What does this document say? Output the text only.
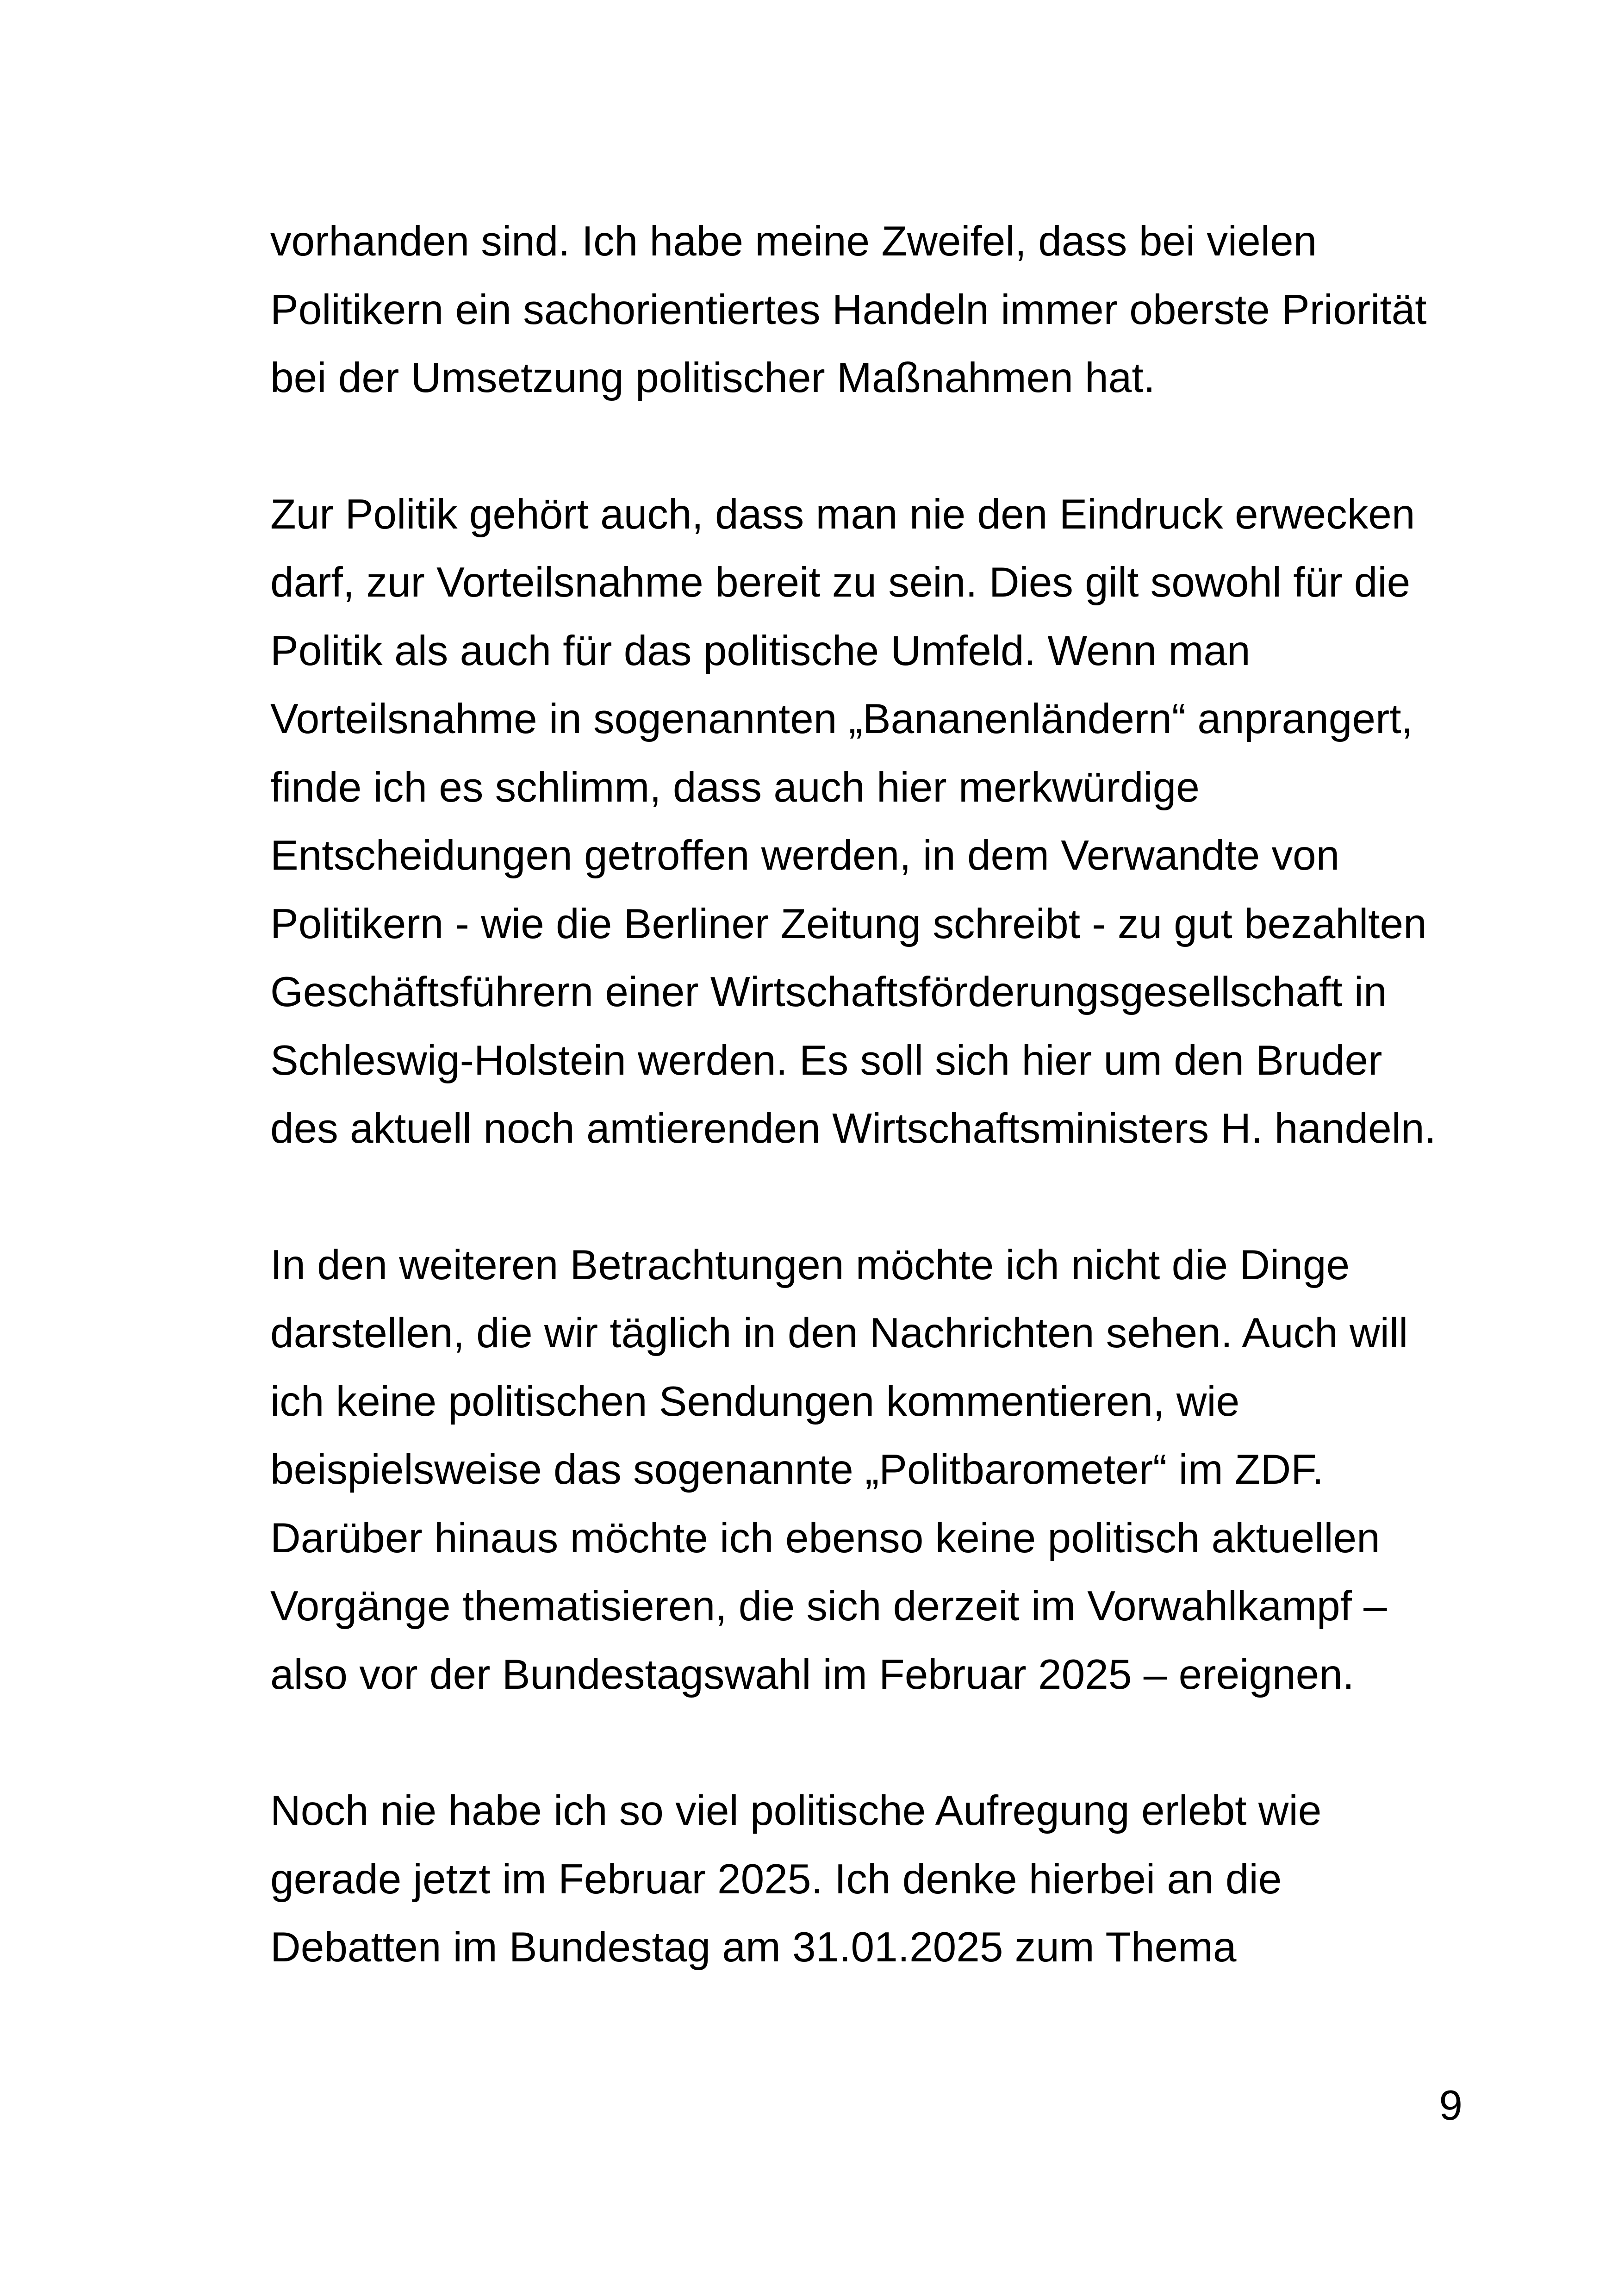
vorhanden sind. Ich habe meine Zweifel, dass bei vielen
Politikern ein sachorientiertes Handeln immer oberste Priorität
bei der Umsetzung politischer Maßnahmen hat.

Zur Politik gehört auch, dass man nie den Eindruck erwecken
darf, zur Vorteilsnahme bereit zu sein. Dies gilt sowohl für die
Politik als auch für das politische Umfeld. Wenn man
Vorteilsnahme in sogenannten „Bananenländern“ anprangert,
finde ich es schlimm, dass auch hier merkwürdige
Entscheidungen getroffen werden, in dem Verwandte von
Politikern - wie die Berliner Zeitung schreibt - zu gut bezahlten
Geschäftsführern einer Wirtschaftsförderungsgesellschaft in
Schleswig-Holstein werden. Es soll sich hier um den Bruder
des aktuell noch amtierenden Wirtschaftsministers H. handeln.

In den weiteren Betrachtungen möchte ich nicht die Dinge
darstellen, die wir täglich in den Nachrichten sehen. Auch will
ich keine politischen Sendungen kommentieren, wie
beispielsweise das sogenannte „Politbarometer“ im ZDF.
Darüber hinaus möchte ich ebenso keine politisch aktuellen
Vorgänge thematisieren, die sich derzeit im Vorwahlkampf –
also vor der Bundestagswahl im Februar 2025 – ereignen.

Noch nie habe ich so viel politische Aufregung erlebt wie
gerade jetzt im Februar 2025. Ich denke hierbei an die
Debatten im Bundestag am 31.01.2025 zum Thema

9
